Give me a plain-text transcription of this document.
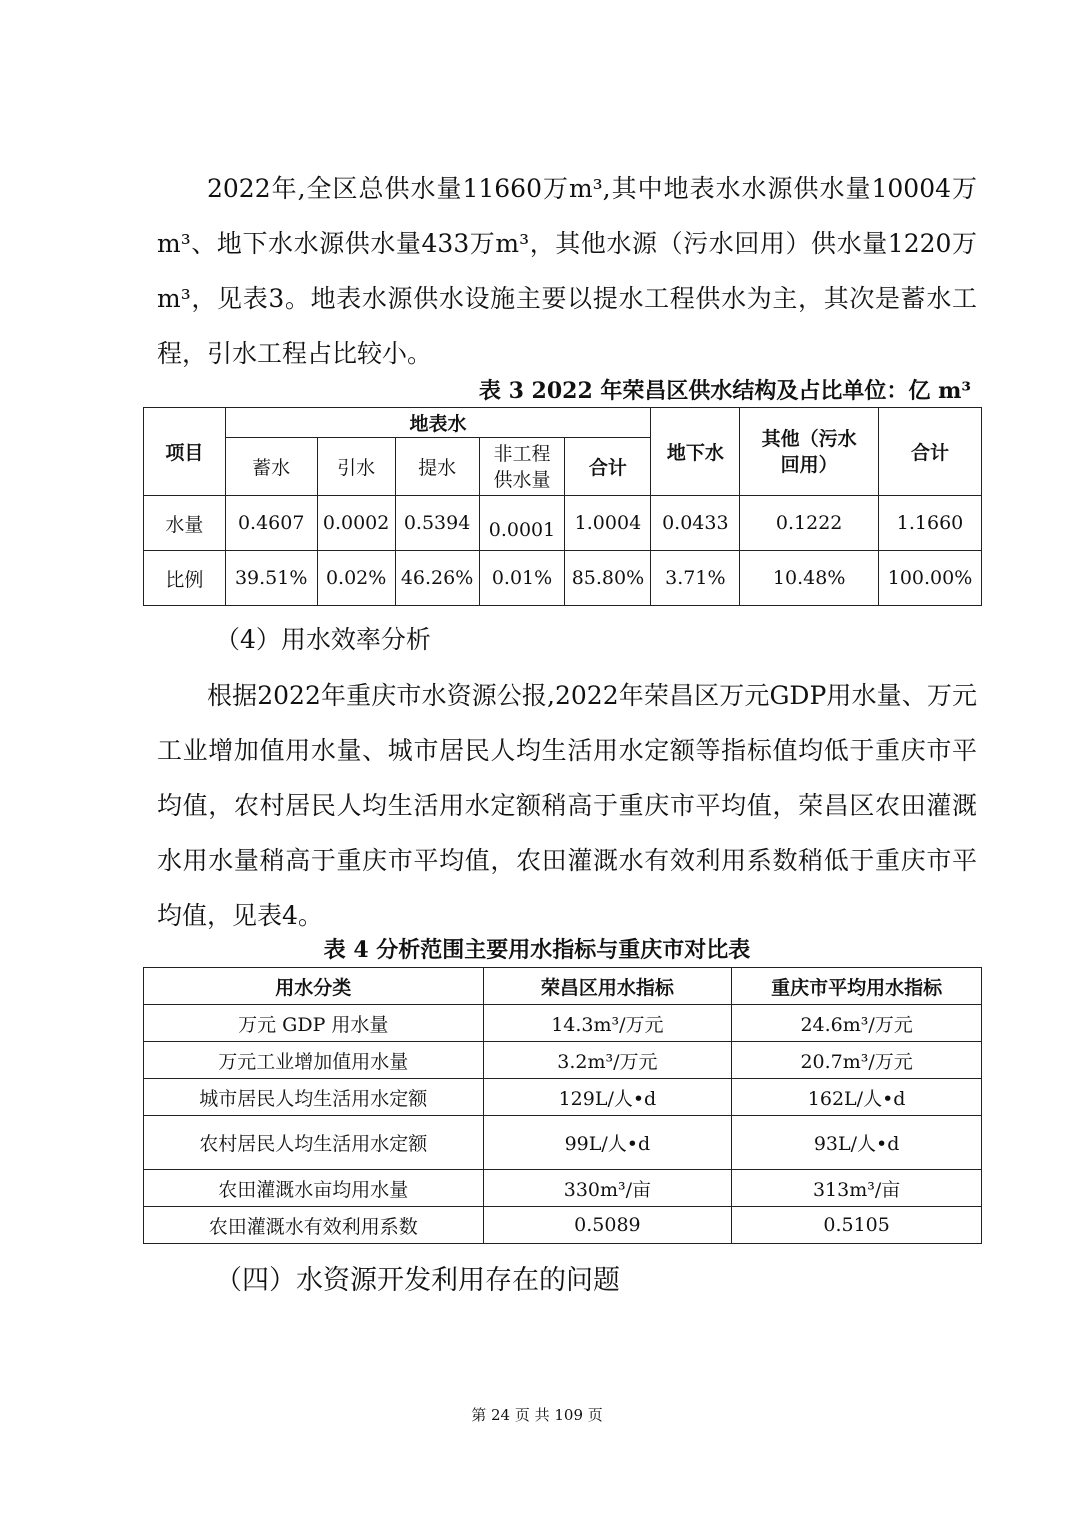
2022年,全区总供水量11660万m³,其中地表水水源供水量10004万m³、地下水水源供水量433万m³，其他水源（污水回用）供水量1220万m³，见表3。地表水源供水设施主要以提水工程供水为主，其次是蓄水工程，引水工程占比较小。

表 3 2022 年荣昌区供水结构及占比单位：亿 m³
项目	地表水					地下水	其他（污水回用）	合计
	蓄水	引水	提水	非工程供水量	合计			
水量	0.4607	0.0002	0.5394	0.0001	1.0004	0.0433	0.1222	1.1660
比例	39.51%	0.02%	46.26%	0.01%	85.80%	3.71%	10.48%	100.00%

（4）用水效率分析

根据2022年重庆市水资源公报,2022年荣昌区万元GDP用水量、万元工业增加值用水量、城市居民人均生活用水定额等指标值均低于重庆市平均值，农村居民人均生活用水定额稍高于重庆市平均值，荣昌区农田灌溉水用水量稍高于重庆市平均值，农田灌溉水有效利用系数稍低于重庆市平均值，见表4。

表 4 分析范围主要用水指标与重庆市对比表
用水分类	荣昌区用水指标	重庆市平均用水指标
万元 GDP 用水量	14.3m³/万元	24.6m³/万元
万元工业增加值用水量	3.2m³/万元	20.7m³/万元
城市居民人均生活用水定额	129L/人•d	162L/人•d
农村居民人均生活用水定额	99L/人•d	93L/人•d
农田灌溉水亩均用水量	330m³/亩	313m³/亩
农田灌溉水有效利用系数	0.5089	0.5105

（四）水资源开发利用存在的问题

第 24 页 共 109 页
